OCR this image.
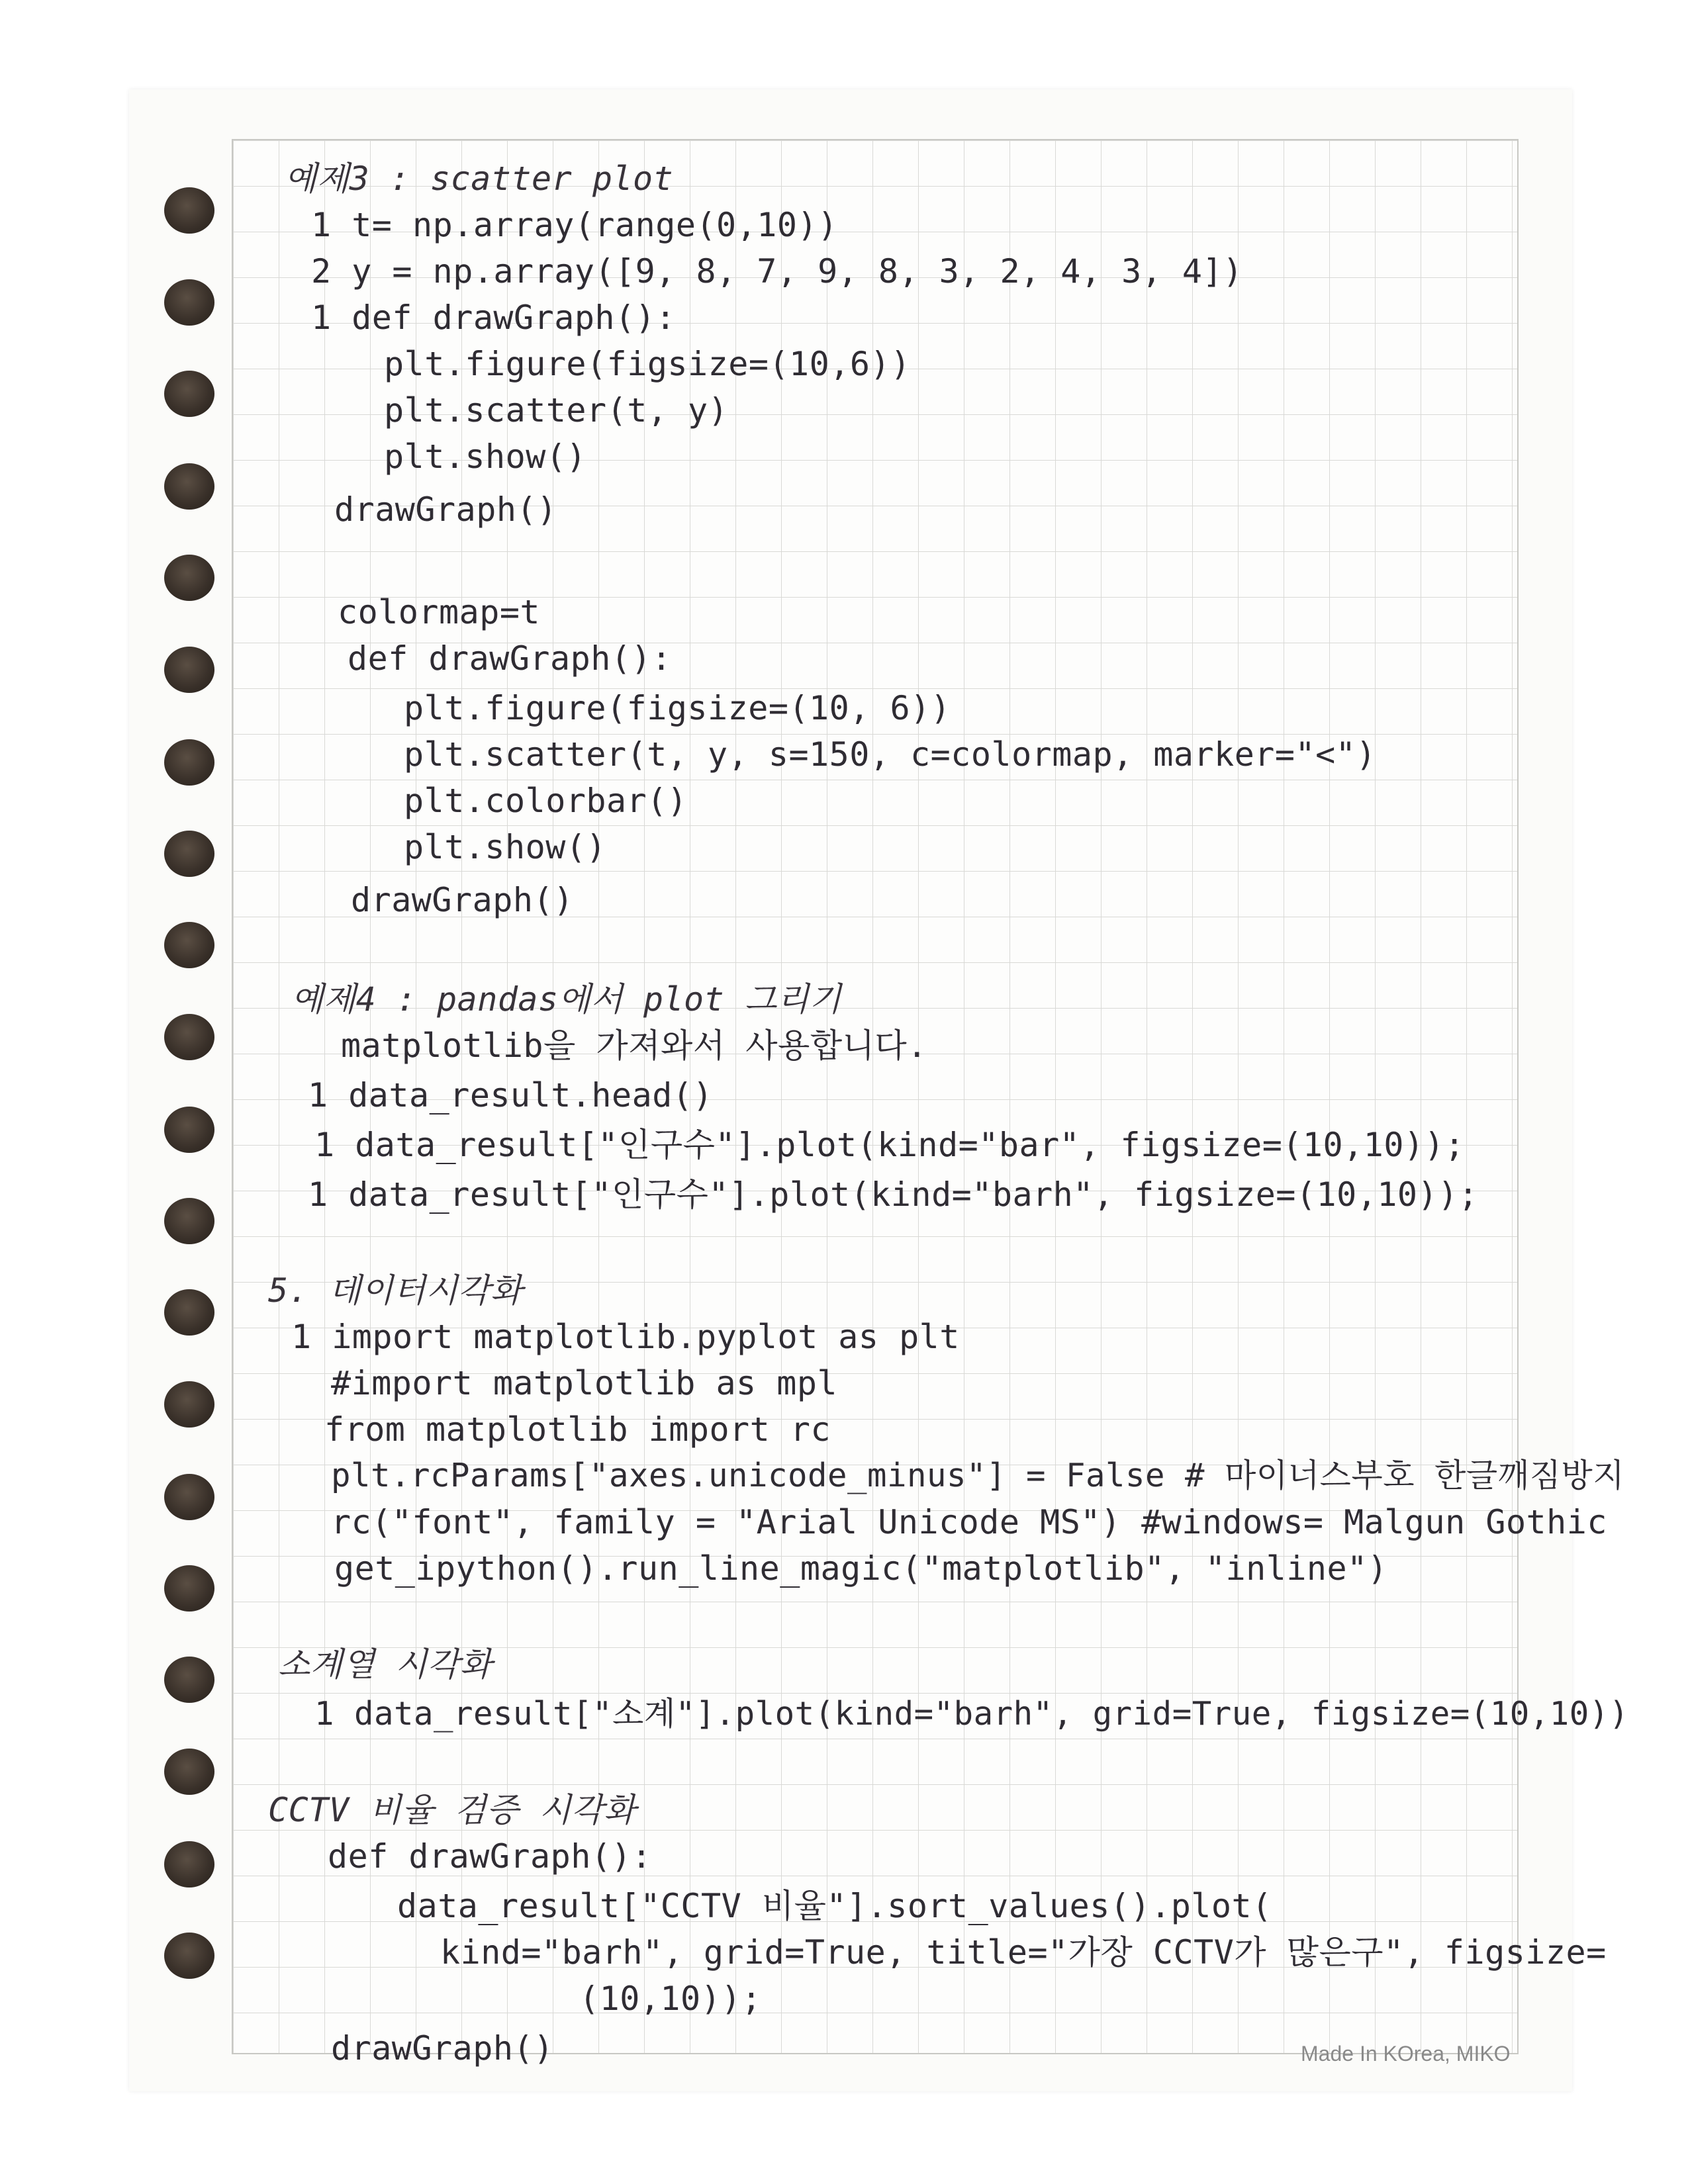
예제3 : scatter plot
1 t= np.array(range(0,10))
2 y = np.array([9, 8, 7, 9, 8, 3, 2, 4, 3, 4])
1 def drawGraph():
plt.figure(figsize=(10,6))
plt.scatter(t, y)
plt.show()
drawGraph()
colormap=t
def drawGraph():
plt.figure(figsize=(10, 6))
plt.scatter(t, y, s=150, c=colormap, marker="<")
plt.colorbar()
plt.show()
drawGraph()
예제4 : pandas에서 plot 그리기
matplotlib을 가져와서 사용합니다.
1 data_result.head()
1 data_result["인구수"].plot(kind="bar", figsize=(10,10));
1 data_result["인구수"].plot(kind="barh", figsize=(10,10));
5. 데이터시각화
1 import matplotlib.pyplot as plt
#import matplotlib as mpl
from matplotlib import rc
plt.rcParams["axes.unicode_minus"] = False # 마이너스부호 한글깨짐방지
rc("font", family = "Arial Unicode MS") #windows= Malgun Gothic
get_ipython().run_line_magic("matplotlib", "inline")
소계열 시각화
1 data_result["소계"].plot(kind="barh", grid=True, figsize=(10,10))
CCTV 비율 검증 시각화
def drawGraph():
data_result["CCTV 비율"].sort_values().plot(
kind="barh", grid=True, title="가장 CCTV가 많은구", figsize=
(10,10));
drawGraph()	Made In KOrea, MIKO
